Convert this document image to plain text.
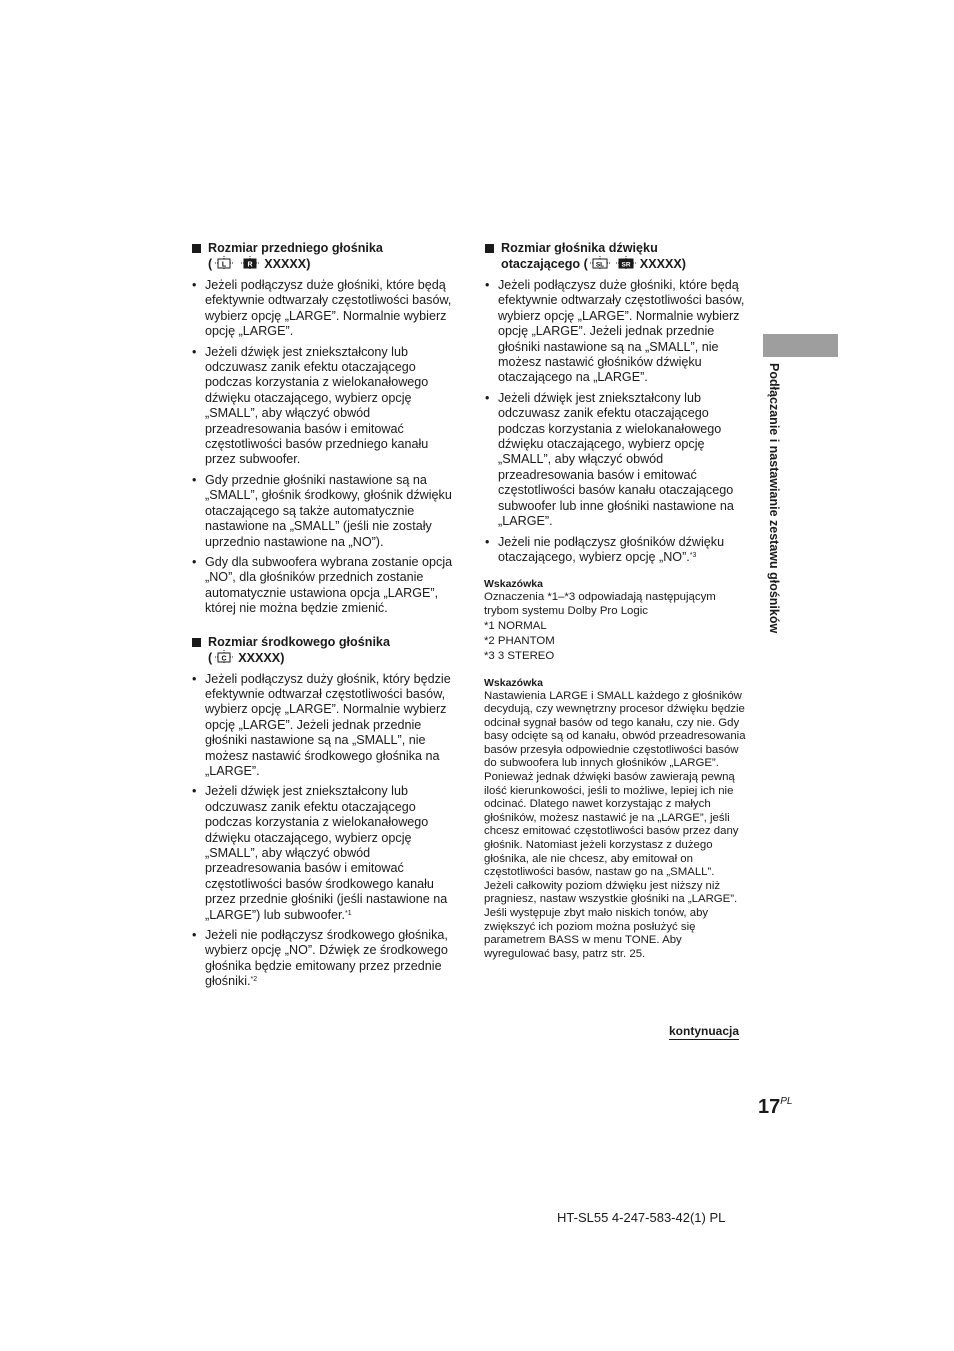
Rozmiar przedniego głośnika
( L	R XXXXX)
• Jeżeli podłączysz duże głośniki, które będą efektywnie odtwarzały częstotliwości basów, wybierz opcję „LARGE”. Normalnie wybierz opcję „LARGE”.
• Jeżeli dźwięk jest zniekształcony lub odczuwasz zanik efektu otaczającego podczas korzystania z wielokanałowego dźwięku otaczającego, wybierz opcję „SMALL”, aby włączyć obwód przeadresowania basów i emitować częstotliwości basów przedniego kanału przez subwoofer.
• Gdy przednie głośniki nastawione są na „SMALL”, głośnik środkowy, głośnik dźwięku otaczającego są także automatycznie nastawione na „SMALL” (jeśli nie zostały uprzednio nastawione na „NO”).
• Gdy dla subwoofera wybrana zostanie opcja „NO”, dla głośników przednich zostanie automatycznie ustawiona opcja „LARGE”, której nie można będzie zmienić.
Rozmiar środkowego głośnika
( C XXXXX)
• Jeżeli podłączysz duży głośnik, który będzie efektywnie odtwarzał częstotliwości basów, wybierz opcję „LARGE”. Normalnie wybierz opcję „LARGE”. Jeżeli jednak przednie głośniki nastawione są na „SMALL”, nie możesz nastawić środkowego głośnika na „LARGE”.
• Jeżeli dźwięk jest zniekształcony lub odczuwasz zanik efektu otaczającego podczas korzystania z wielokanałowego dźwięku otaczającego, wybierz opcję „SMALL”, aby włączyć obwód przeadresowania basów i emitować częstotliwości basów środkowego kanału przez przednie głośniki (jeśli nastawione na „LARGE”) lub subwoofer.$^{*1}$
• Jeżeli nie podłączysz środkowego głośnika, wybierz opcję „NO”. Dźwięk ze środkowego głośnika będzie emitowany przez przednie głośniki.$^{*2}$
Rozmiar głośnika dźwięku
otaczającego ( SL	SR XXXXX)
• Jeżeli podłączysz duże głośniki, które będą efektywnie odtwarzały częstotliwości basów, wybierz opcję „LARGE”. Normalnie wybierz opcję „LARGE”. Jeżeli jednak przednie głośniki nastawione są na „SMALL”, nie możesz nastawić głośników dźwięku otaczającego na „LARGE”.
• Jeżeli dźwięk jest zniekształcony lub odczuwasz zanik efektu otaczającego podczas korzystania z wielokanałowego dźwięku otaczającego, wybierz opcję „SMALL”, aby włączyć obwód przeadresowania basów i emitować częstotliwości basów kanału otaczającego subwoofer lub inne głośniki nastawione na „LARGE”.
• Jeżeli nie podłączysz głośników dźwięku otaczającego, wybierz opcję „NO”.$^{*3}$
Wskazówka
Oznaczenia *1–*3 odpowiadają następującym trybom systemu Dolby Pro Logic
*1 NORMAL
*2 PHANTOM
*3 3 STEREO
Wskazówka
Nastawienia LARGE i SMALL każdego z głośników decydują, czy wewnętrzny procesor dźwięku będzie odcinał sygnał basów od tego kanału, czy nie. Gdy basy odcięte są od kanału, obwód przeadresowania basów przesyła odpowiednie częstotliwości basów do subwoofera lub innych głośników „LARGE”. Ponieważ jednak dźwięki basów zawierają pewną ilość kierunkowości, jeśli to możliwe, lepiej ich nie odcinać. Dlatego nawet korzystając z małych głośników, możesz nastawić je na „LARGE”, jeśli chcesz emitować częstotliwości basów przez dany głośnik. Natomiast jeżeli korzystasz z dużego głośnika, ale nie chcesz, aby emitował on częstotliwości basów, nastaw go na „SMALL”.
Jeżeli całkowity poziom dźwięku jest niższy niż pragniesz, nastaw wszystkie głośniki na „LARGE”. Jeśli występuje zbyt mało niskich tonów, aby zwiększyć ich poziom można posłużyć się parametrem BASS w menu TONE. Aby wyregulować basy, patrz str. 25.
kontynuacja
$17^{PL}$
Podłączanie i nastawianie zestawu głośników
HT-SL55 4-247-583-42(1) PL
